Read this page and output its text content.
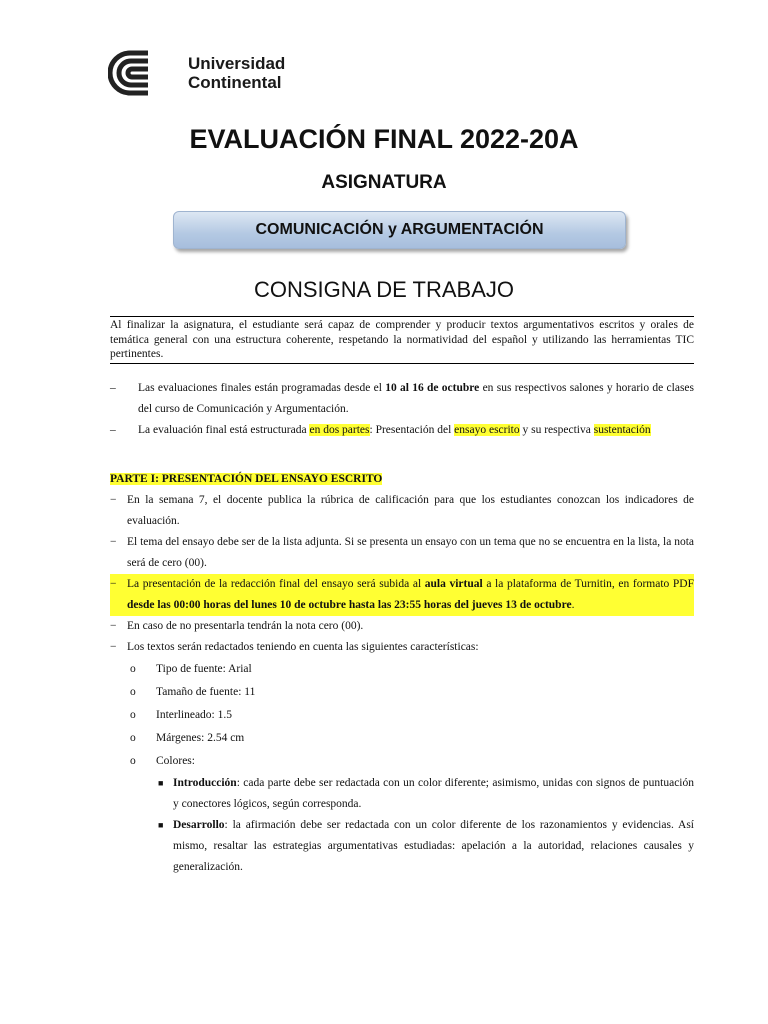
Universidad
Continental
EVALUACIÓN FINAL 2022-20A
ASIGNATURA
COMUNICACIÓN y ARGUMENTACIÓN
CONSIGNA DE TRABAJO
Al finalizar la asignatura, el estudiante será capaz de comprender y producir textos argumentativos escritos y orales de temática general con una estructura coherente, respetando la normatividad del español y utilizando las herramientas TIC pertinentes.
– Las evaluaciones finales están programadas desde el 10 al 16 de octubre en sus respectivos salones y horario de clases del curso de Comunicación y Argumentación.
– La evaluación final está estructurada en dos partes: Presentación del ensayo escrito y su respectiva sustentación
PARTE I: PRESENTACIÓN DEL ENSAYO ESCRITO
− En la semana 7, el docente publica la rúbrica de calificación para que los estudiantes conozcan los indicadores de evaluación.
− El tema del ensayo debe ser de la lista adjunta. Si se presenta un ensayo con un tema que no se encuentra en la lista, la nota será de cero (00).
− La presentación de la redacción final del ensayo será subida al aula virtual a la plataforma de Turnitin, en formato PDF desde las 00:00 horas del lunes 10 de octubre hasta las 23:55 horas del jueves 13 de octubre.
− En caso de no presentarla tendrán la nota cero (00).
− Los textos serán redactados teniendo en cuenta las siguientes características:
o Tipo de fuente: Arial
o Tamaño de fuente: 11
o Interlineado: 1.5
o Márgenes: 2.54 cm
o Colores:
■ Introducción: cada parte debe ser redactada con un color diferente; asimismo, unidas con signos de puntuación y conectores lógicos, según corresponda.
■ Desarrollo: la afirmación debe ser redactada con un color diferente de los razonamientos y evidencias. Así mismo, resaltar las estrategias argumentativas estudiadas: apelación a la autoridad, relaciones causales y generalización.
